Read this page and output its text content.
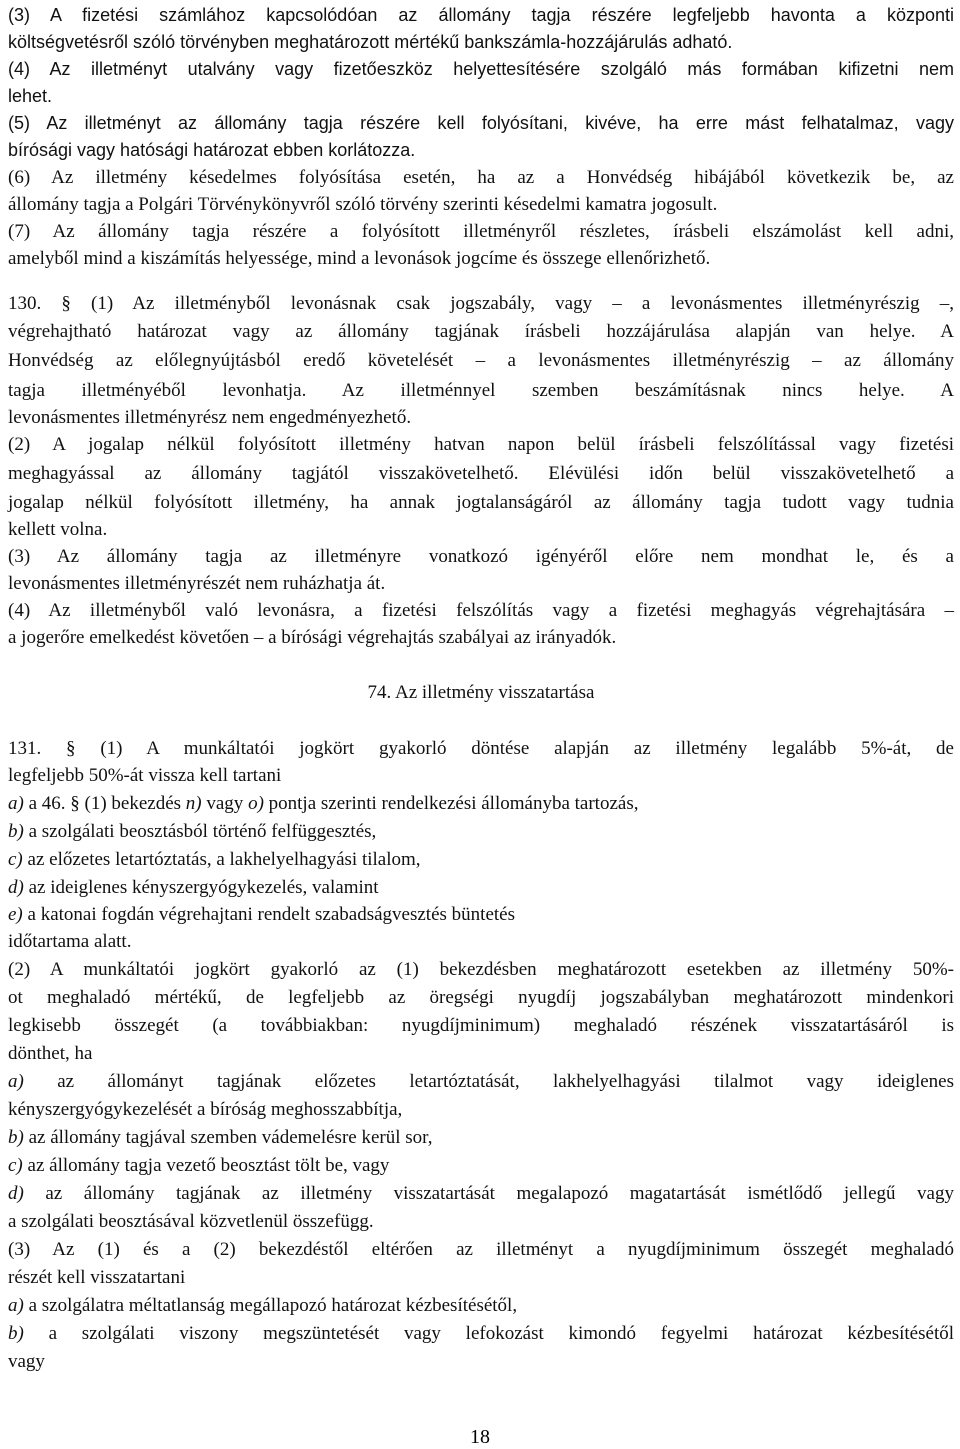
(3) A fizetési számlához kapcsolódóan az állomány tagja részére legfeljebb havonta a központi
költségvetésről szóló törvényben meghatározott mértékű bankszámla-hozzájárulás adható.
(4) Az illetményt utalvány vagy fizetőeszköz helyettesítésére szolgáló más formában kifizetni nem
lehet.
(5) Az illetményt az állomány tagja részére kell folyósítani, kivéve, ha erre mást felhatalmaz, vagy
bírósági vagy hatósági határozat ebben korlátozza.
(6) Az illetmény késedelmes folyósítása esetén, ha az a Honvédség hibájából következik be, az
állomány tagja a Polgári Törvénykönyvről szóló törvény szerinti késedelmi kamatra jogosult.
(7) Az állomány tagja részére a folyósított illetményről részletes, írásbeli elszámolást kell adni,
amelyből mind a kiszámítás helyessége, mind a levonások jogcíme és összege ellenőrizhető.
130. § (1) Az illetményből levonásnak csak jogszabály, vagy – a levonásmentes illetményrészig –,
végrehajtható határozat vagy az állomány tagjának írásbeli hozzájárulása alapján van helye. A
Honvédség az előlegnyújtásból eredő követelését – a levonásmentes illetményrészig – az állomány
tagja illetményéből levonhatja. Az illetménnyel szemben beszámításnak nincs helye. A
levonásmentes illetményrész nem engedményezhető.
(2) A jogalap nélkül folyósított illetmény hatvan napon belül írásbeli felszólítással vagy fizetési
meghagyással az állomány tagjától visszakövetelhető. Elévülési időn belül visszakövetelhető a
jogalap nélkül folyósított illetmény, ha annak jogtalanságáról az állomány tagja tudott vagy tudnia
kellett volna.
(3) Az állomány tagja az illetményre vonatkozó igényéről előre nem mondhat le, és a
levonásmentes illetményrészét nem ruházhatja át.
(4) Az illetményből való levonásra, a fizetési felszólítás vagy a fizetési meghagyás végrehajtására –
a jogerőre emelkedést követően – a bírósági végrehajtás szabályai az irányadók.
74. Az illetmény visszatartása
131. § (1) A munkáltatói jogkört gyakorló döntése alapján az illetmény legalább 5%-át, de
legfeljebb 50%-át vissza kell tartani
a) a 46. § (1) bekezdés n) vagy o) pontja szerinti rendelkezési állományba tartozás,
b) a szolgálati beosztásból történő felfüggesztés,
c) az előzetes letartóztatás, a lakhelyelhagyási tilalom,
d) az ideiglenes kényszergyógykezelés, valamint
e) a katonai fogdán végrehajtani rendelt szabadságvesztés büntetés
időtartama alatt.
(2) A munkáltatói jogkört gyakorló az (1) bekezdésben meghatározott esetekben az illetmény 50%-
ot meghaladó mértékű, de legfeljebb az öregségi nyugdíj jogszabályban meghatározott mindenkori
legkisebb összegét (a továbbiakban: nyugdíjminimum) meghaladó részének visszatartásáról is
dönthet, ha
a) az állományt tagjának előzetes letartóztatását, lakhelyelhagyási tilalmot vagy ideiglenes
kényszergyógykezelését a bíróság meghosszabbítja,
b) az állomány tagjával szemben vádemelésre kerül sor,
c) az állomány tagja vezető beosztást tölt be, vagy
d) az állomány tagjának az illetmény visszatartását megalapozó magatartását ismétlődő jellegű vagy
a szolgálati beosztásával közvetlenül összefügg.
(3) Az (1) és a (2) bekezdéstől eltérően az illetményt a nyugdíjminimum összegét meghaladó
részét kell visszatartani
a) a szolgálatra méltatlanság megállapozó határozat kézbesítésétől,
b) a szolgálati viszony megszüntetését vagy lefokozást kimondó fegyelmi határozat kézbesítésétől
vagy
18
